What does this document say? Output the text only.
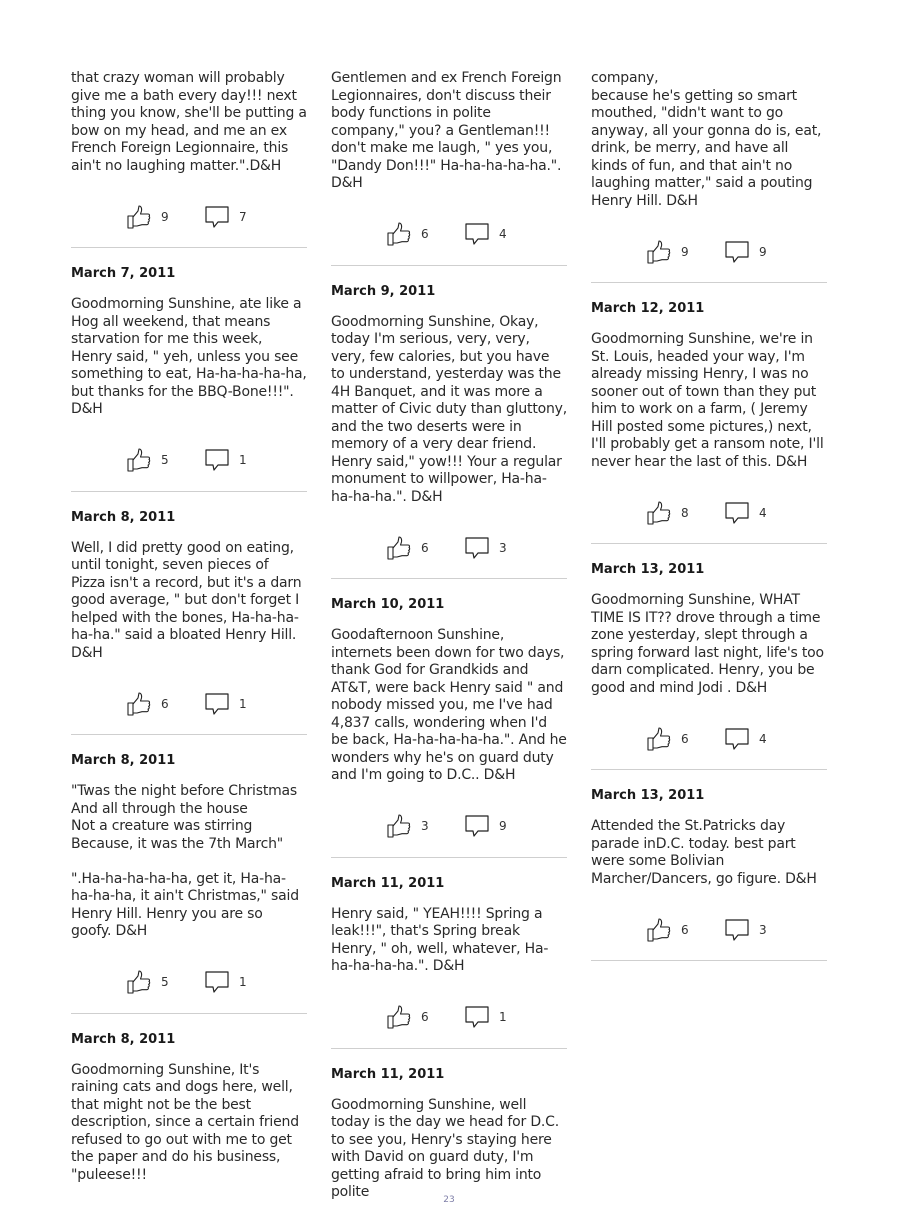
that crazy woman will probably give me a bath every day!!! next thing you know, she'll be putting a bow on my head, and me an ex French Foreign Legionnaire, this ain't no laughing matter.".D&H
9	7
March 7, 2011
Goodmorning Sunshine, ate like a Hog all weekend, that means starvation for me this week, Henry said, " yeh, unless you see something to eat, Ha-ha-ha-ha-ha, but thanks for the BBQ-Bone!!!". D&H
5	1
March 8, 2011
Well, I did pretty good on eating, until tonight, seven pieces of Pizza isn't a record, but it's a darn good average, " but don't forget I helped with the bones, Ha-ha-ha-ha-ha." said a bloated Henry Hill. D&H
6	1
March 8, 2011
"Twas the night before Christmas
And all through the house
Not a creature was stirring
Because, it was the 7th March"

".Ha-ha-ha-ha-ha, get it, Ha-ha-ha-ha-ha, it ain't Christmas," said Henry Hill. Henry you are so goofy. D&H
5	1
March 8, 2011
Goodmorning Sunshine, It's raining cats and dogs here, well, that might not be the best description, since a certain friend refused to go out with me to get the paper and do his business, "puleese!!!
Gentlemen and ex French Foreign Legionnaires, don't discuss their body functions in polite company," you? a Gentleman!!! don't make me laugh, " yes you, "Dandy Don!!!" Ha-ha-ha-ha-ha.". D&H
6	4
March 9, 2011
Goodmorning Sunshine, Okay, today I'm serious, very, very, very, few calories, but you have to understand, yesterday was the 4H Banquet, and it was more a matter of Civic duty than gluttony, and the two deserts were in memory of a very dear friend. Henry said," yow!!! Your a regular monument to willpower, Ha-ha-ha-ha-ha.". D&H
6	3
March 10, 2011
Goodafternoon Sunshine, internets been down for two days, thank God for Grandkids and AT&T, were back Henry said " and nobody missed you, me I've had 4,837 calls, wondering when I'd be back, Ha-ha-ha-ha-ha.". And he wonders why he's on guard duty and I'm going to D.C.. D&H
3	9
March 11, 2011
Henry said, " YEAH!!!! Spring a leak!!!", that's Spring break Henry, " oh, well, whatever, Ha-ha-ha-ha-ha.". D&H
6	1
March 11, 2011
Goodmorning Sunshine, well today is the day we head for D.C. to see you, Henry's staying here with David on guard duty, I'm getting afraid to bring him into polite
company,
because he's getting so smart mouthed, "didn't want to go anyway, all your gonna do is, eat, drink, be merry, and have all kinds of fun, and that ain't no laughing matter," said a pouting Henry Hill. D&H
9	9
March 12, 2011
Goodmorning Sunshine, we're in St. Louis, headed your way, I'm already missing Henry, I was no sooner out of town than they put him to work on a farm, ( Jeremy Hill posted some pictures,) next, I'll probably get a ransom note, I'll never hear the last of this. D&H
8	4
March 13, 2011
Goodmorning Sunshine, WHAT TIME IS IT?? drove through a time zone yesterday, slept through a spring forward last night, life's too darn complicated. Henry, you be good and mind Jodi . D&H
6	4
March 13, 2011
Attended the St.Patricks day parade inD.C. today. best part were some Bolivian Marcher/Dancers, go figure. D&H
6	3
23
